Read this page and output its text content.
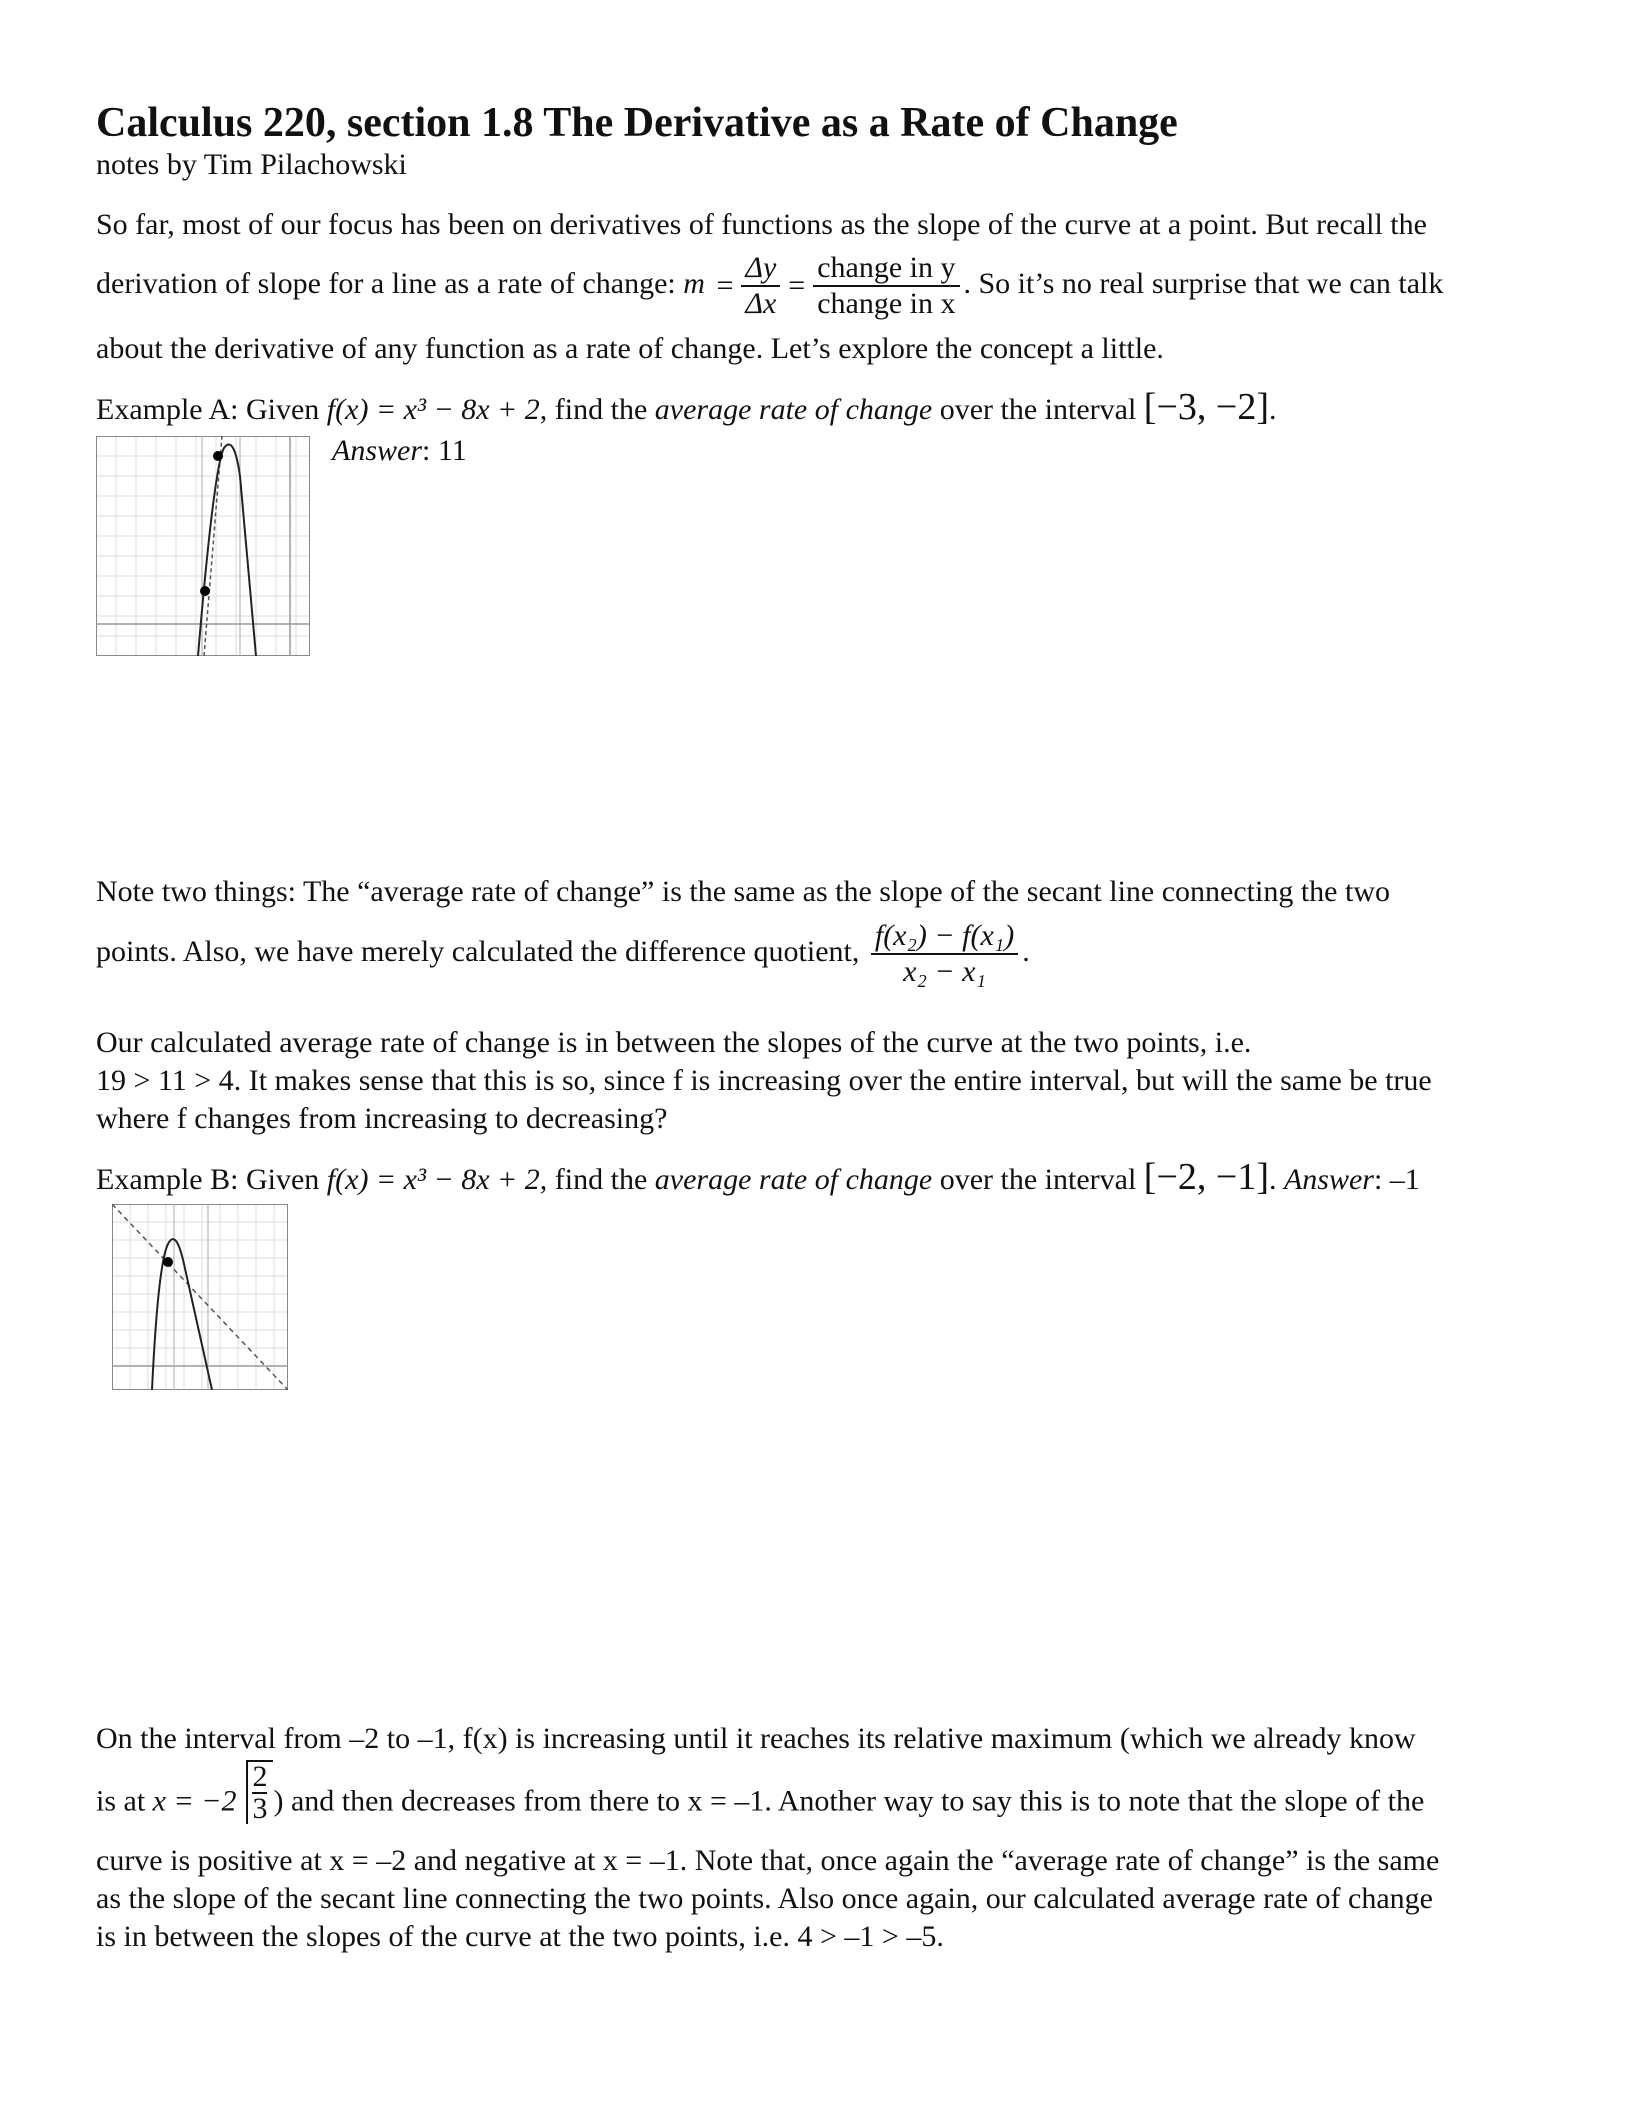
Calculus 220, section 1.8 The Derivative as a Rate of Change
notes by Tim Pilachowski
So far, most of our focus has been on derivatives of functions as the slope of the curve at a point. But recall the
derivation of slope for a line as a rate of change: $m = \frac{\Delta y}{\Delta x} = \frac{\text{change in y}}{\text{change in x}}$ . So it’s no real surprise that we can talk
about the derivative of any function as a rate of change. Let’s explore the concept a little.
Example A: Given f(x) = x³ − 8x + 2, find the average rate of change over the interval [−3, −2].
Answer: 11
Note two things: The “average rate of change” is the same as the slope of the secant line connecting the two
points. Also, we have merely calculated the difference quotient, $\frac{\text{f(x₂) − f(x₁)}}{\text{x₂ − x₁}}$ .
Our calculated average rate of change is in between the slopes of the curve at the two points, i.e.
19 > 11 > 4. It makes sense that this is so, since f is increasing over the entire interval, but will the same be true
where f changes from increasing to decreasing?
Example B: Given f(x) = x³ − 8x + 2, find the average rate of change over the interval [−2, −1]. Answer: –1
On the interval from –2 to –1, f(x) is increasing until it reaches its relative maximum (which we already know
is at $x = -2 \frac{2}{3}$ ) and then decreases from there to x = –1. Another way to say this is to note that the slope of the
curve is positive at x = –2 and negative at x = –1. Note that, once again the “average rate of change” is the same
as the slope of the secant line connecting the two points. Also once again, our calculated average rate of change
is in between the slopes of the curve at the two points, i.e. 4 > –1 > –5.
